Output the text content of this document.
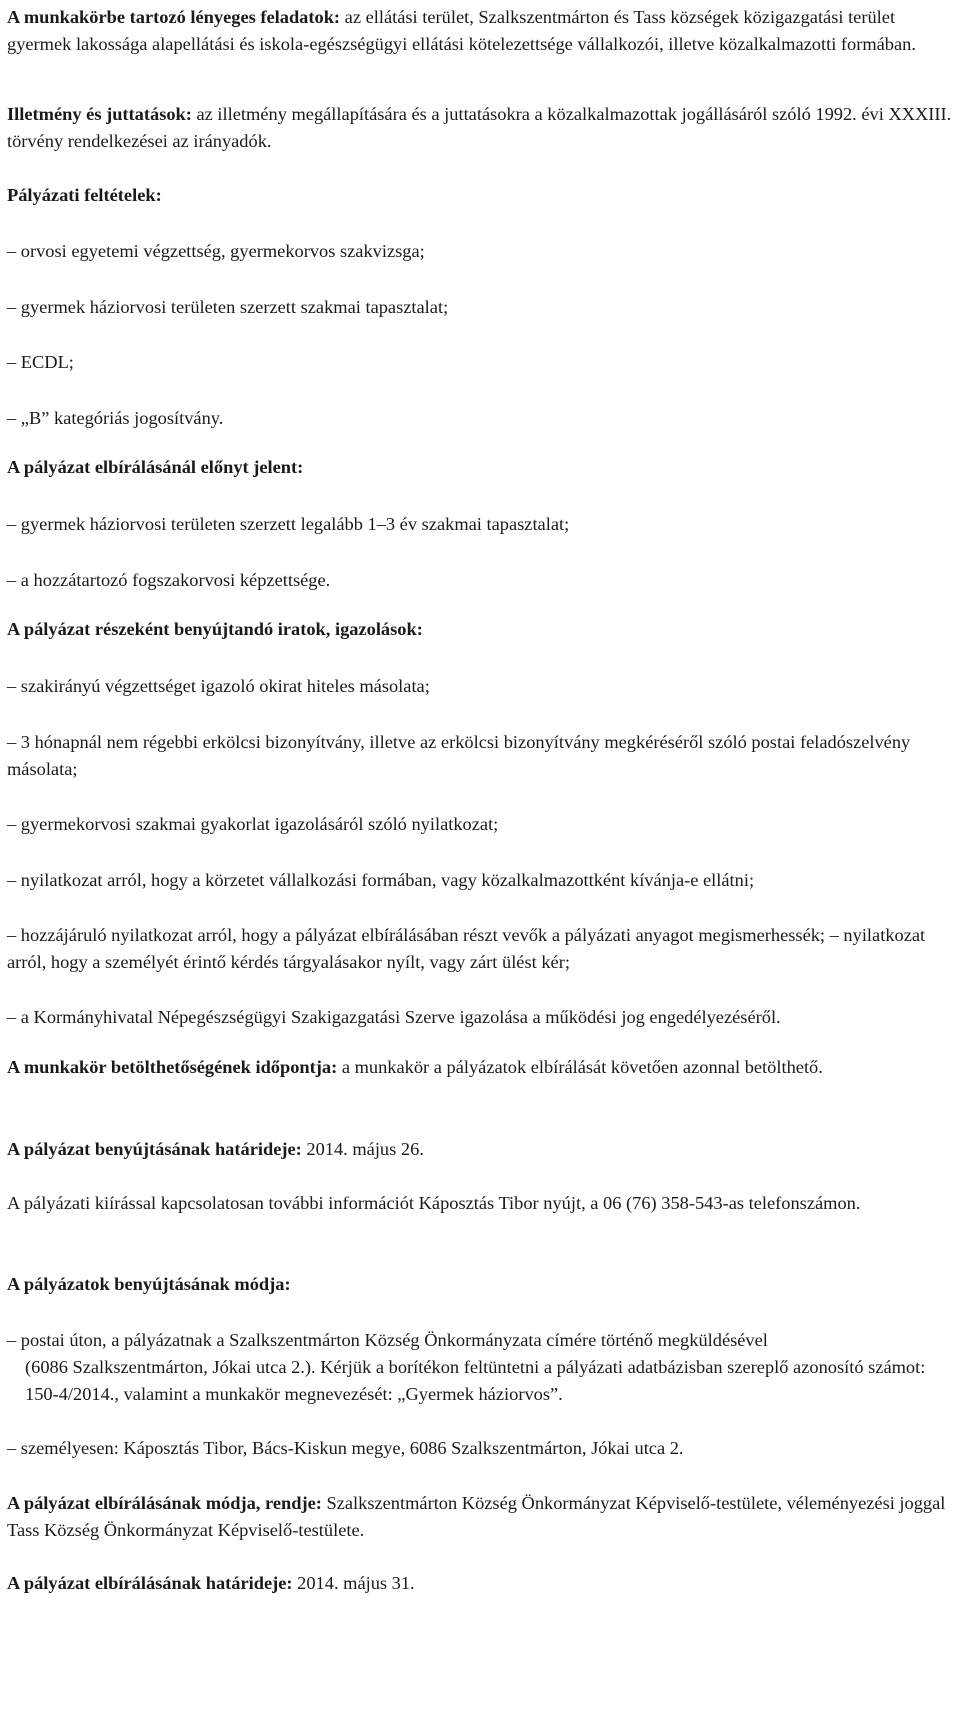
A munkakörbe tartozó lényeges feladatok: az ellátási terület, Szalkszentmárton és Tass községek közigazgatási terület gyermek lakossága alapellátási és iskola-egészségügyi ellátási kötelezettsége vállalkozói, illetve közalkalmazotti formában.
Illetmény és juttatások: az illetmény megállapítására és a juttatásokra a közalkalmazottak jogállásáról szóló 1992. évi XXXIII. törvény rendelkezései az irányadók.
Pályázati feltételek:
– orvosi egyetemi végzettség, gyermekorvos szakvizsga;
– gyermek háziorvosi területen szerzett szakmai tapasztalat;
– ECDL;
– „B” kategóriás jogosítvány.
A pályázat elbírálásánál előnyt jelent:
– gyermek háziorvosi területen szerzett legalább 1–3 év szakmai tapasztalat;
– a hozzátartozó fogszakorvosi képzettsége.
A pályázat részeként benyújtandó iratok, igazolások:
– szakirányú végzettséget igazoló okirat hiteles másolata;
– 3 hónapnál nem régebbi erkölcsi bizonyítvány, illetve az erkölcsi bizonyítvány megkéréséről szóló postai feladószelvény másolata;
– gyermekorvosi szakmai gyakorlat igazolásáról szóló nyilatkozat;
– nyilatkozat arról, hogy a körzetet vállalkozási formában, vagy közalkalmazottként kívánja-e ellátni;
– hozzájáruló nyilatkozat arról, hogy a pályázat elbírálásában részt vevők a pályázati anyagot megismerhessék; – nyilatkozat arról, hogy a személyét érintő kérdés tárgyalásakor nyílt, vagy zárt ülést kér;
– a Kormányhivatal Népegészségügyi Szakigazgatási Szerve igazolása a működési jog engedélyezéséről.
A munkakör betölthetőségének időpontja: a munkakör a pályázatok elbírálását követően azonnal betölthető.
A pályázat benyújtásának határideje: 2014. május 26.
A pályázati kiírással kapcsolatosan további információt Káposztás Tibor nyújt, a 06 (76) 358-543-as telefonszámon.
A pályázatok benyújtásának módja:
– postai úton, a pályázatnak a Szalkszentmárton Község Önkormányzata címére történő megküldésével
(6086 Szalkszentmárton, Jókai utca 2.). Kérjük a borítékon feltüntetni a pályázati adatbázisban szereplő azonosító számot: 150-4/2014., valamint a munkakör megnevezését: „Gyermek háziorvos”.
– személyesen: Káposztás Tibor, Bács-Kiskun megye, 6086 Szalkszentmárton, Jókai utca 2.
A pályázat elbírálásának módja, rendje: Szalkszentmárton Község Önkormányzat Képviselő-testülete, véleményezési joggal Tass Község Önkormányzat Képviselő-testülete.
A pályázat elbírálásának határideje: 2014. május 31.
